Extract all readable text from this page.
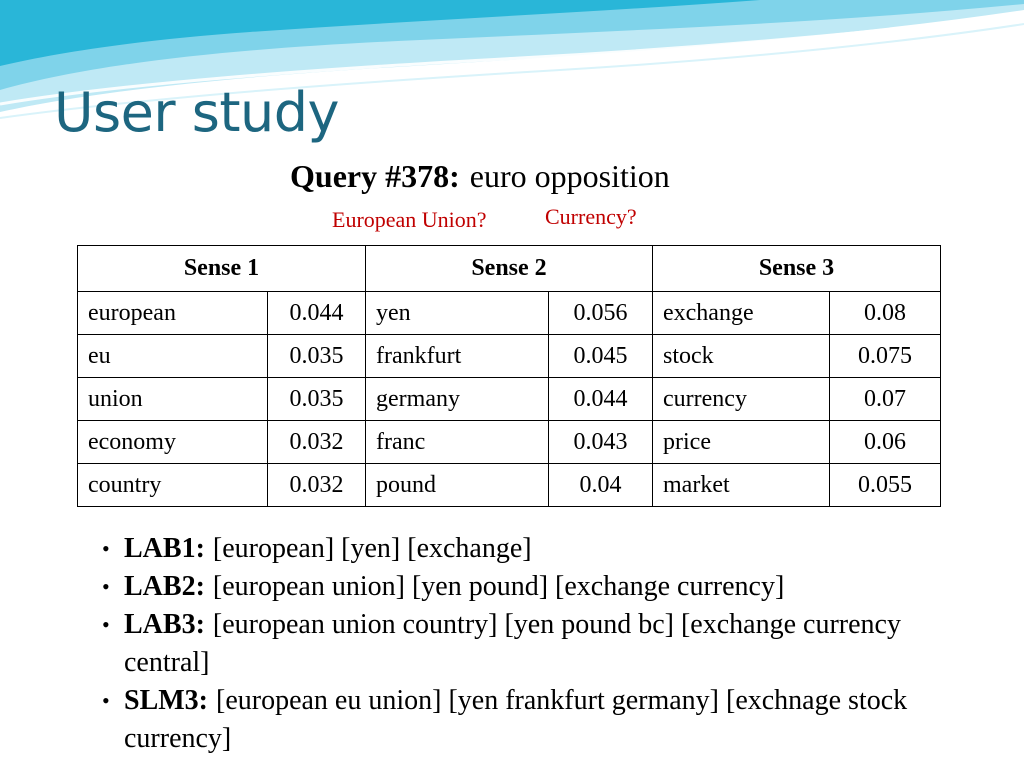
User study
Query #378: euro opposition
European Union?	Currency?
Sense 1		Sense 2		Sense 3	
european	0.044	yen	0.056	exchange	0.08
eu	0.035	frankfurt	0.045	stock	0.075
union	0.035	germany	0.044	currency	0.07
economy	0.032	franc	0.043	price	0.06
country	0.032	pound	0.04	market	0.055
• LAB1: [european] [yen] [exchange]
• LAB2: [european union] [yen pound] [exchange currency]
• LAB3: [european union country] [yen pound bc] [exchange currency central]
• SLM3: [european eu union] [yen frankfurt germany] [exchnage stock currency]
